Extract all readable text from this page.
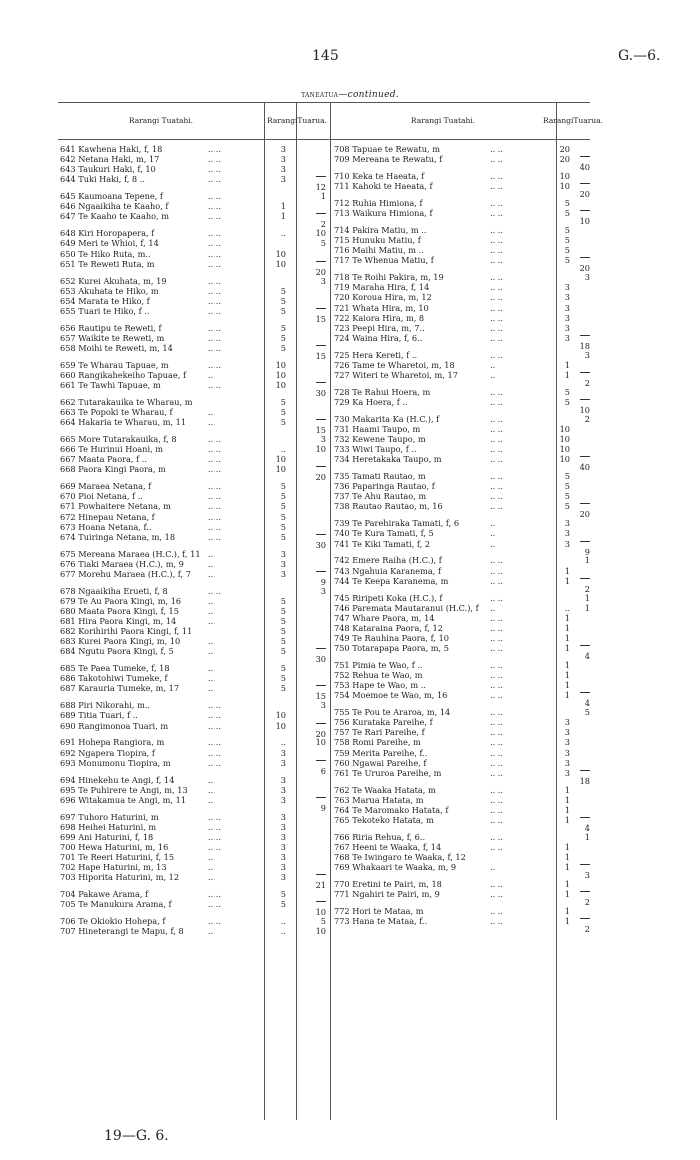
145	G.—6.
taneatua—continued.
Rarangi Tuatahi.	Rarangi Tuarua.	Rarangi Tuatahi.	Rarangi Tuarua.
641 Kawhena Haki, f, 18	.. ..	3
642 Netana Haki, m, 17	.. ..	3
643 Taukuri Haki, f, 10	.. ..	3
644 Tuki Haki, f, 8 ..	.. ..	3
12
645 Kaumoana Tepene, f	.. ..	1
646 Ngaaikiha te Kaaho, f	.. ..	1
647 Te Kaaho te Kaaho, m	.. ..	1
2
648 Kiri Horopapera, f	.. ..	..	10
649 Meri te Whioi, f, 14	.. ..	5
650 Te Hiko Ruta, m..	.. ..	10
651 Te Reweti Ruta, m	.. ..	10
20
652 Kurei Akuhata, m, 19	.. ..	3
653 Akuhata te Hiko, m	.. ..	5
654 Marata te Hiko, f	.. ..	5
655 Tuari te Hiko, f ..	.. ..	5
15
656 Rautipu te Reweti, f	.. ..	5
657 Waikite te Reweti, m	.. ..	5
658 Moihi te Reweti, m, 14	.. ..	5
15
659 Te Wharau Tapuae, m	.. ..	10
660 Rangikahekeiho Tapuae, f	..	10
661 Te Tawhi Tapuae, m	.. ..	10
30
662 Tutarakauika te Wharau, m	5
663 Te Popoki te Wharau, f	..	5
664 Hakaria te Wharau, m, 11	..	5
15
665 More Tutarakauika, f, 8	.. ..	3
666 Te Hurinui Hoani, m	.. ..	..	10
667 Maata Paora, f ..	.. ..	10
668 Paora Kingi Paora, m	.. ..	10
20
669 Maraea Netana, f	.. ..	5
670 Pioi Netana, f ..	.. ..	5
671 Powhaitere Netana, m	.. ..	5
672 Hinepau Netana, f	.. ..	5
673 Hoana Netana, f..	.. ..	5
674 Tuiringa Netana, m, 18	.. ..	5
30
675 Mereana Maraea (H.C.), f, 11 ..	3
676 Tiaki Maraea (H.C.), m, 9	..	3
677 Morehu Maraea (H.C.), f, 7 ..	3
9
678 Ngaaikiha Erueti, f, 8	.. ..	3
679 Te Au Paora Kingi, m, 16	..	5
680 Maata Paora Kingi, f, 15	..	5
681 Hira Paora Kingi, m, 14	..	5
682 Korihirihi Paora Kingi, f, 11	5
683 Kurei Paora Kingi, m, 10	..	5
684 Ngutu Paora Kingi, f, 5	..	5
30
685 Te Paea Tumeke, f, 18	..	5
686 Takotohiwi Tumeke, f	..	5
687 Karauria Tumeke, m, 17	..	5
15
688 Piri Nikorahi, m..	.. ..	3
689 Titia Tuari, f ..	.. ..	10
690 Rangimonoa Tuari, m	.. ..	10
20
691 Hohepa Rangiora, m	.. ..	..	10
692 Ngapera Tiopira, f	.. ..	3
693 Monumonu Tiopira, m	.. ..	3
6
694 Hinekehu te Angi, f, 14	..	3
695 Te Puhirere te Angi, m, 13 ..	3
696 Witakamua te Angi, m, 11	..	3
9
697 Tuhoro Haturini, m	.. ..	3
698 Heihei Haturini, m	.. ..	3
699 Ani Haturini, f, 18	.. ..	3
700 Hewa Haturini, m, 16	.. ..	3
701 Te Reeri Haturini, f, 15	..	3
702 Hape Haturini, m, 13	..	3
703 Hiporita Haturini, m, 12	..	3
21
704 Pakawe Arama, f	.. ..	5
705 Te Manukura Arama, f	.. ..	5
10
706 Te Okiokio Hohepa, f	.. ..	..	5
707 Hineterangi te Mapu, f, 8	..	..	10
708 Tapuae te Rewatu, m	.. ..	20
709 Mereana te Rewatu, f	.. ..	20
40
710 Keka te Haeata, f	.. ..	10
711 Kahoki te Haeata, f	.. ..	10
20
712 Ruhia Himiona, f	.. ..	5
713 Waikura Himiona, f	.. ..	5
10
714 Pakira Matiu, m ..	.. ..	5
715 Hunuku Matiu, f	.. ..	5
716 Maihi Matiu, m ..	.. ..	5
717 Te Whenua Matiu, f	.. ..	5
20
718 Te Roihi Pakira, m, 19	.. ..	3
719 Maraha Hira, f, 14	.. ..	3
720 Koroua Hira, m, 12	.. ..	3
721 Whata Hira, m, 10	.. ..	3
722 Kaiora Hira, m, 8	.. ..	3
723 Peepi Hira, m, 7..	.. ..	3
724 Waina Hira, f, 6..	.. ..	3
18
725 Hera Kereti, f ..	.. ..	3
726 Tame te Wharetoi, m, 18	..	1
727 Witeri te Wharetoi, m, 17	..	1
2
728 Te Rahui Hoera, m	.. ..	5
729 Ka Hoera, f ..	.. ..	5
10
730 Makarita Ka (H.C.), f	.. ..	2
731 Haami Taupo, m	.. ..	10
732 Kewene Taupo, m	.. ..	10
733 Wiwi Taupo, f ..	.. ..	10
734 Heretakaka Taupo, m	.. ..	10
40
735 Tamati Rautao, m	.. ..	5
736 Paparinga Rautao, f	.. ..	5
737 Te Ahu Rautao, m	.. ..	5
738 Rautao Rautao, m, 16	.. ..	5
20
739 Te Parehiraka Tamati, f, 6	..	3
740 Te Kura Tamati, f, 5	..	3
741 Te Kiki Tamati, f, 2	..	3
9
742 Emere Raiha (H.C.), f	.. ..	1
743 Ngahuia Karanema, f	.. ..	1
744 Te Keepa Karanema, m	.. ..	1
2
745 Riripeti Koka (H.C.), f	.. ..	1
746 Paremata Mautaranui (H.C.), f ..	..	1
747 Whare Paora, m, 14	.. ..	1
748 Kataraina Paora, f, 12	.. ..	1
749 Te Rauhina Paora, f, 10	.. ..	1
750 Totarapapa Paora, m, 5	.. ..	1
4
751 Pimia te Wao, f ..	.. ..	1
752 Rehua te Wao, m	.. ..	1
753 Hape te Wao, m ..	.. ..	1
754 Moemoe te Wao, m, 16	.. ..	1
4
755 Te Pou te Araroa, m, 14	.. ..	5
756 Kurataka Pareihe, f	.. ..	3
757 Te Rari Pareihe, f	.. ..	3
758 Romi Pareihe, m	.. ..	3
759 Merita Pareihe, f..	.. ..	3
760 Ngawai Pareihe, f	.. ..	3
761 Te Ururoa Pareihe, m	.. ..	3
18
762 Te Waaka Hatata, m	.. ..	1
763 Marua Hatata, m	.. ..	1
764 Te Maromako Hatata, f	.. ..	1
765 Tekoteko Hatata, m	.. ..	1
4
766 Riria Rehua, f, 6..	.. ..	1
767 Heeni te Waaka, f, 14	.. ..	1
768 Te Iwingaro te Waaka, f, 12	1
769 Whakaari te Waaka, m, 9	..	1
3
770 Eretini te Pairi, m, 18	.. ..	1
771 Ngahiri te Pairi, m, 9	.. ..	1
2
772 Hori te Mataa, m	.. ..	1
773 Hana te Mataa, f..	.. ..	1
2
19—G. 6.
